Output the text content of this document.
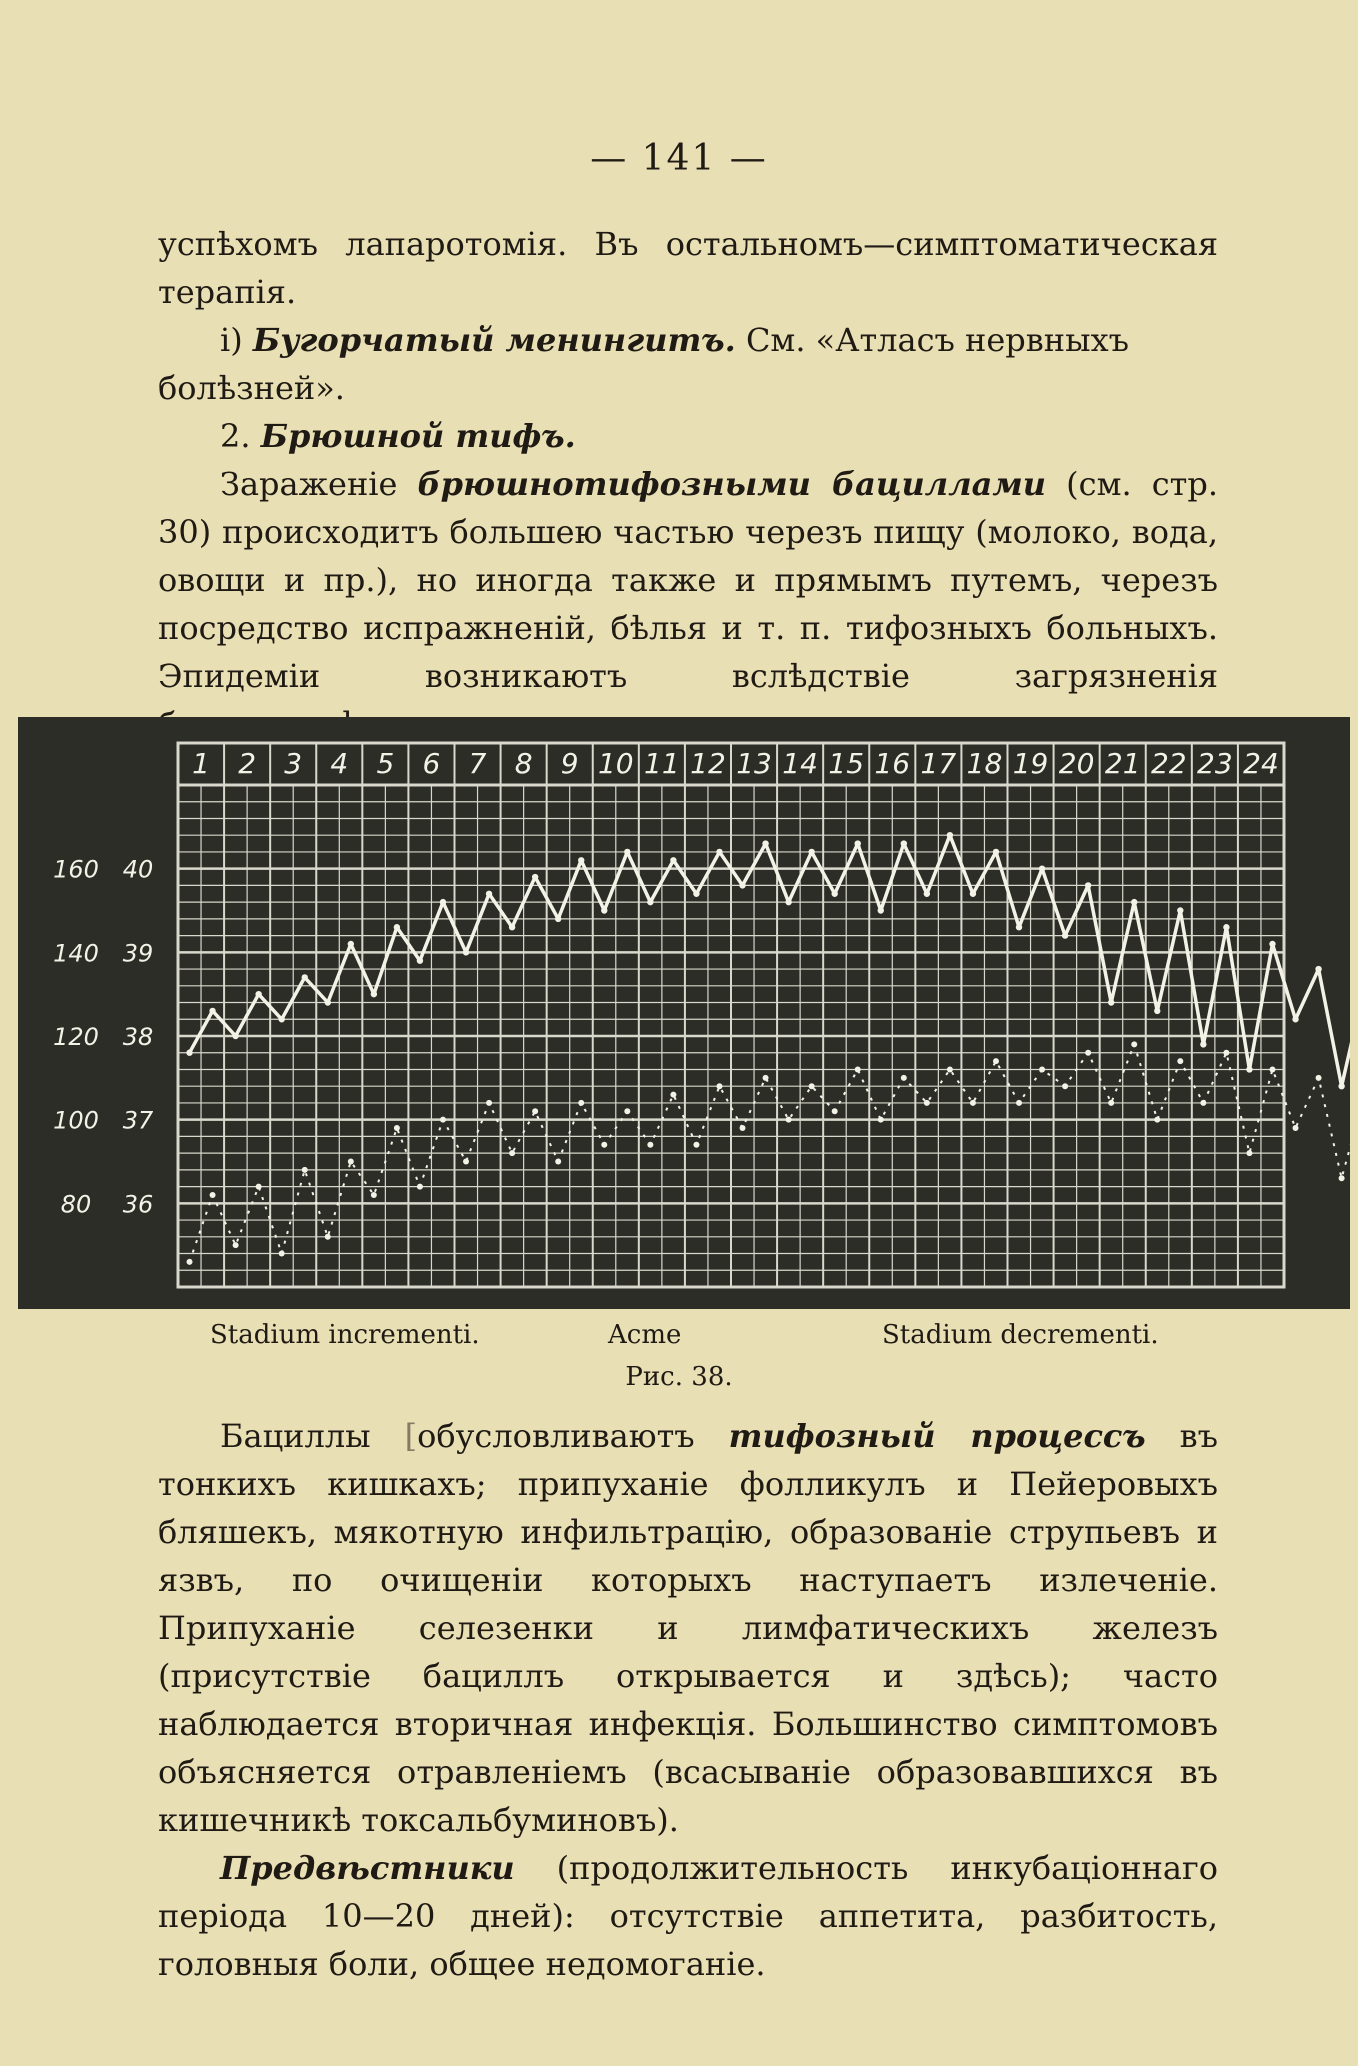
— 141 —

успѣхомъ лапаротомія. Въ остальномъ—симптоматическая терапія.

i) Бугорчатый менингитъ. См. «Атласъ нервныхъ болѣзней».

2. Брюшной тифъ.

Зараженіе брюшнотифозными бациллами (см. стр. 30) происходитъ большею частью черезъ пищу (молоко, вода, овощи и пр.), но иногда также и прямымъ путемъ, черезъ посредство испражненій, бѣлья и т. п. тифозныхъ больныхъ. Эпидеміи возникаютъ вслѣдствіе загрязненія

1 2 3 4 5 6 7 8 9 10 11 12 13 14 15 16 17 18 19 20 21 22 23 24
160 40
140 39
120 38
100 37
80 36
Stadium incrementi.	Acme	Stadium decrementi.
Рис. 38.

Бациллы [обусловливаютъ тифозный процессъ въ тонкихъ кишкахъ; припуханіе фолликулъ и Пейеровыхъ бляшекъ, мякотную инфильтрацію, образованіе струпьевъ и язвъ, по очищеніи которыхъ наступаетъ излеченіе. Припуханіе селезенки и лимфатическихъ железъ (присутствіе бациллъ открывается и здѣсь); часто наблюдается вторичная инфекція. Большинство симптомовъ объясняется отравленіемъ (всасываніе образовавшихся въ кишечникѣ токсальбуминовъ).

Предвѣстники (продолжительность инкубаціоннаго періода 10—20 дней): отсутствіе аппетита, разбитость, головныя боли, общее недомоганіе.
